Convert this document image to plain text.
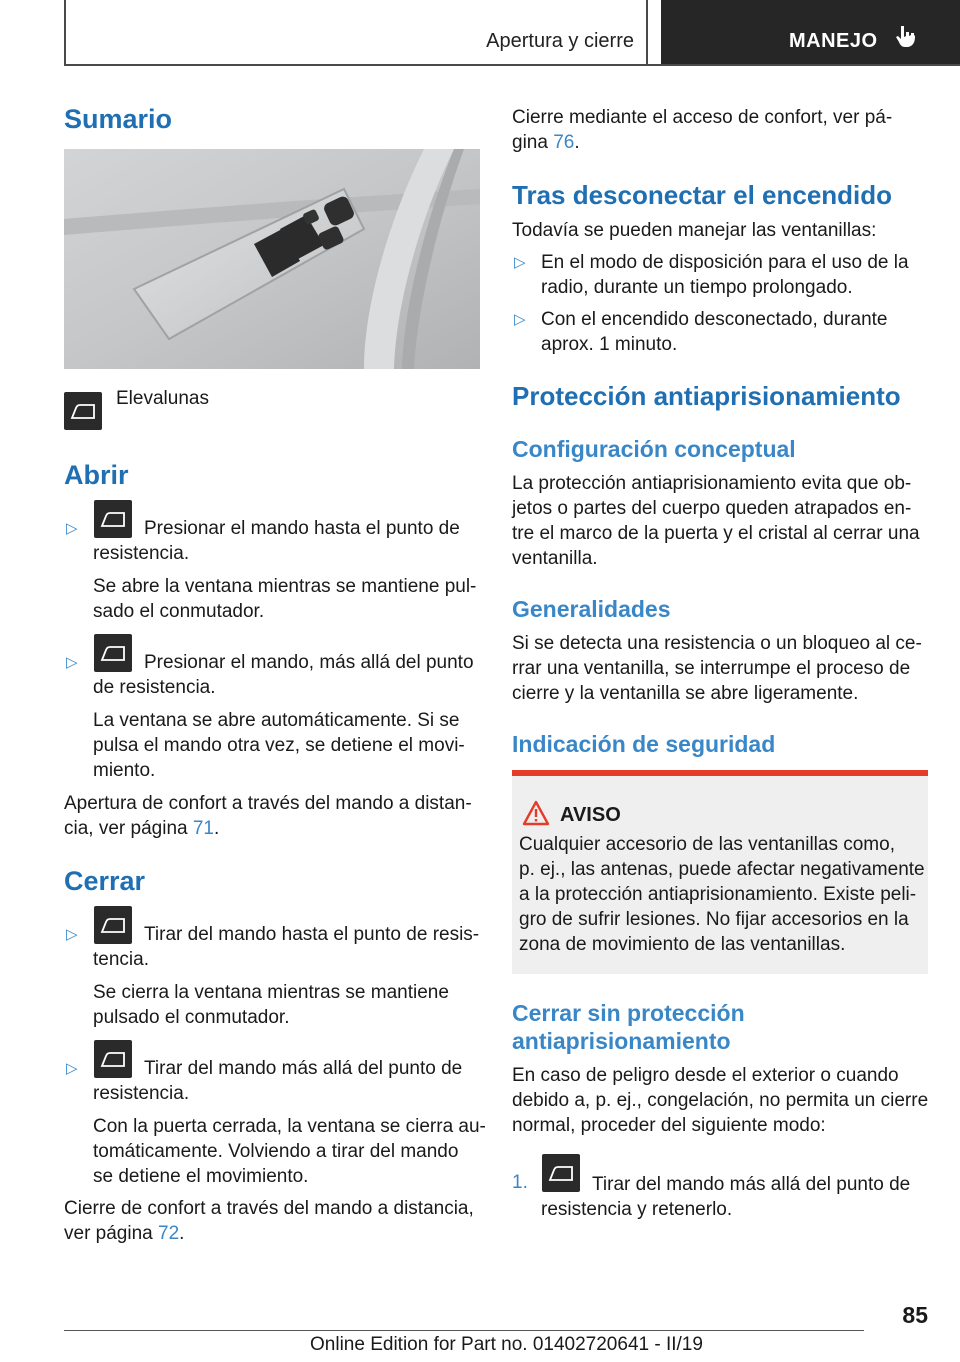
Apertura y cierre	MANEJO
Sumario
Elevalunas
Abrir
▷	Presionar el mando hasta el punto de
resistencia.
Se abre la ventana mientras se mantiene pul-
sado el conmutador.
▷	Presionar el mando, más allá del punto
de resistencia.
La ventana se abre automáticamente. Si se
pulsa el mando otra vez, se detiene el movi-
miento.
Apertura de confort a través del mando a distan-
cia, ver página 71.
Cerrar
▷	Tirar del mando hasta el punto de resis-
tencia.
Se cierra la ventana mientras se mantiene
pulsado el conmutador.
▷	Tirar del mando más allá del punto de
resistencia.
Con la puerta cerrada, la ventana se cierra au-
tomáticamente. Volviendo a tirar del mando
se detiene el movimiento.
Cierre de confort a través del mando a distancia,
ver página 72.
Cierre mediante el acceso de confort, ver pá-
gina 76.
Tras desconectar el encendido
Todavía se pueden manejar las ventanillas:
▷ En el modo de disposición para el uso de la
radio, durante un tiempo prolongado.
▷ Con el encendido desconectado, durante
aprox. 1 minuto.
Protección antiaprisionamiento
Configuración conceptual
La protección antiaprisionamiento evita que ob-
jetos o partes del cuerpo queden atrapados en-
tre el marco de la puerta y el cristal al cerrar una
ventanilla.
Generalidades
Si se detecta una resistencia o un bloqueo al ce-
rrar una ventanilla, se interrumpe el proceso de
cierre y la ventanilla se abre ligeramente.
Indicación de seguridad
AVISO
Cualquier accesorio de las ventanillas como,
p. ej., las antenas, puede afectar negativamente
a la protección antiaprisionamiento. Existe peli-
gro de sufrir lesiones. No fijar accesorios en la
zona de movimiento de las ventanillas.
Cerrar sin protección
antiaprisionamiento
En caso de peligro desde el exterior o cuando
debido a, p. ej., congelación, no permita un cierre
normal, proceder del siguiente modo:
1.	Tirar del mando más allá del punto de
resistencia y retenerlo.
85
Online Edition for Part no. 01402720641 - II/19
